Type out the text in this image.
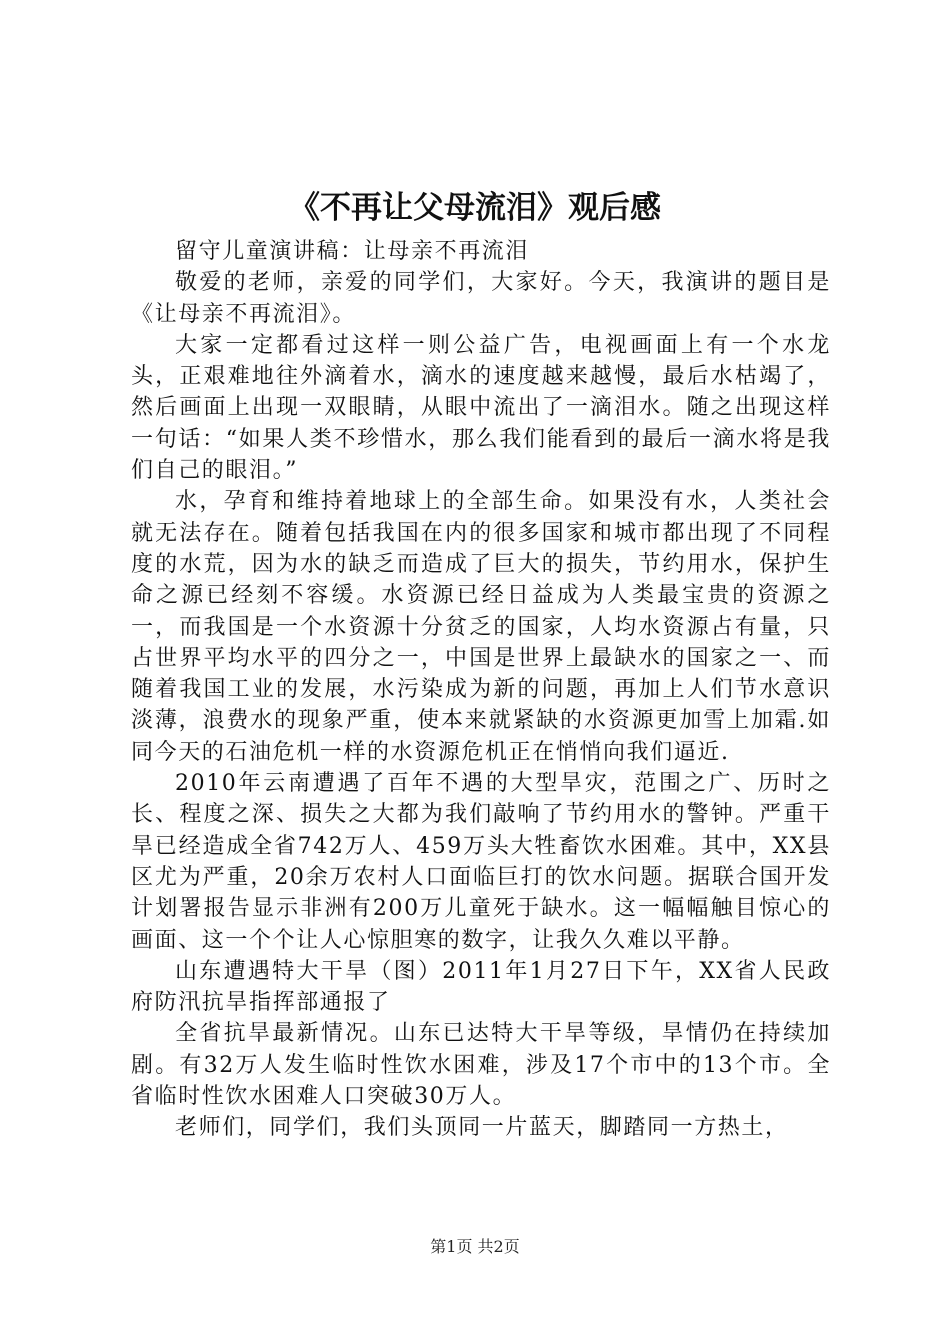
《不再让父母流泪》观后感

留守儿童演讲稿：让母亲不再流泪

敬爱的老师，亲爱的同学们，大家好。今天，我演讲的题目是《让母亲不再流泪》。

大家一定都看过这样一则公益广告，电视画面上有一个水龙头，正艰难地往外滴着水，滴水的速度越来越慢，最后水枯竭了，然后画面上出现一双眼睛，从眼中流出了一滴泪水。随之出现这样一句话：“如果人类不珍惜水，那么我们能看到的最后一滴水将是我们自己的眼泪。”

水，孕育和维持着地球上的全部生命。如果没有水，人类社会就无法存在。随着包括我国在内的很多国家和城市都出现了不同程度的水荒，因为水的缺乏而造成了巨大的损失，节约用水，保护生命之源已经刻不容缓。水资源已经日益成为人类最宝贵的资源之一，而我国是一个水资源十分贫乏的国家，人均水资源占有量，只占世界平均水平的四分之一，中国是世界上最缺水的国家之一、而随着我国工业的发展，水污染成为新的问题，再加上人们节水意识淡薄，浪费水的现象严重，使本来就紧缺的水资源更加雪上加霜.如同今天的石油危机一样的水资源危机正在悄悄向我们逼近.

2010年云南遭遇了百年不遇的大型旱灾，范围之广、历时之长、程度之深、损失之大都为我们敲响了节约用水的警钟。严重干旱已经造成全省742万人、459万头大牲畜饮水困难。其中，XX县区尤为严重，20余万农村人口面临巨打的饮水问题。据联合国开发计划署报告显示非洲有200万儿童死于缺水。这一幅幅触目惊心的画面、这一个个让人心惊胆寒的数字，让我久久难以平静。

山东遭遇特大干旱（图）2011年1月27日下午，XX省人民政府防汛抗旱指挥部通报了

全省抗旱最新情况。山东已达特大干旱等级，旱情仍在持续加剧。有32万人发生临时性饮水困难，涉及17个市中的13个市。全省临时性饮水困难人口突破30万人。

老师们，同学们，我们头顶同一片蓝天，脚踏同一方热土，

第1页 共2页
